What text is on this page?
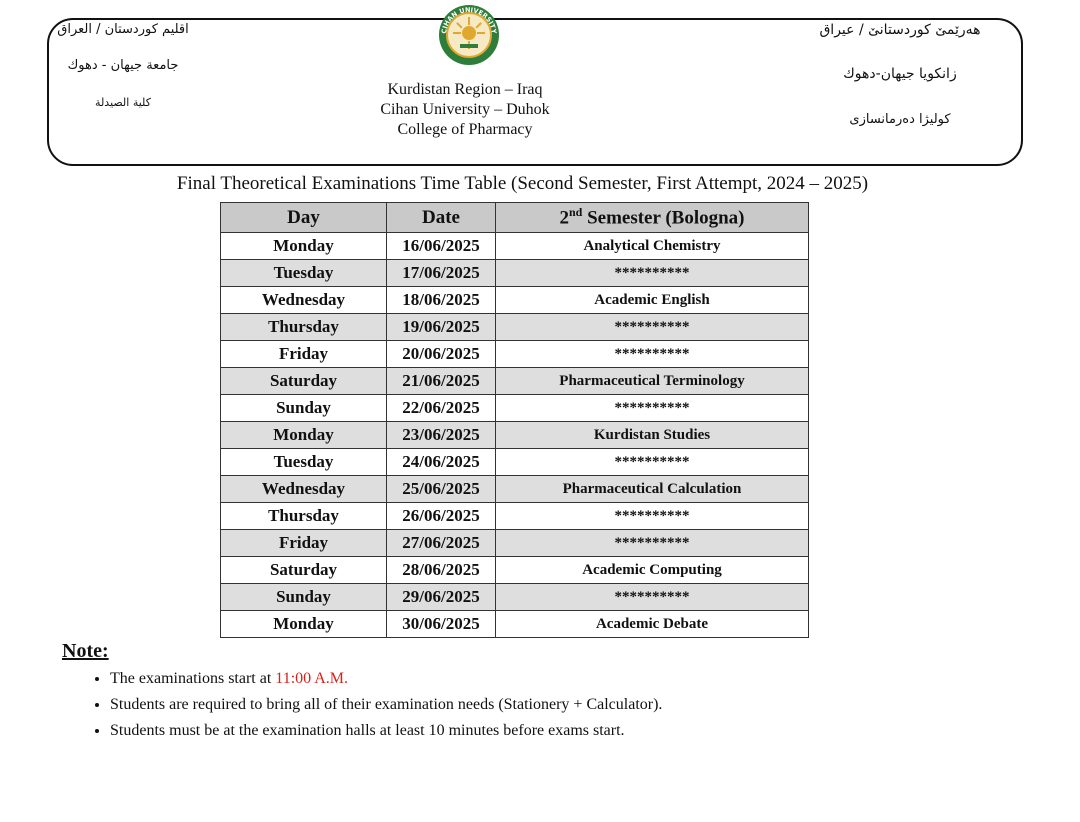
اقليم كوردستان / العراق
جامعة جيهان - دهوك
كلية الصيدلة
CIHAN UNIVERSITY
Kurdistan Region – Iraq
Cihan University – Duhok
College of Pharmacy
هەرێمێ کوردستانێ / عیراق
زانكويا جيهان-دهوك
كوليژا دەرمانسازى
Final Theoretical Examinations Time Table (Second Semester, First Attempt, 2024 – 2025)
Day	Date	2nd Semester (Bologna)
Monday	16/06/2025	Analytical Chemistry
Tuesday	17/06/2025	**********
Wednesday	18/06/2025	Academic English
Thursday	19/06/2025	**********
Friday	20/06/2025	**********
Saturday	21/06/2025	Pharmaceutical Terminology
Sunday	22/06/2025	**********
Monday	23/06/2025	Kurdistan Studies
Tuesday	24/06/2025	**********
Wednesday	25/06/2025	Pharmaceutical Calculation
Thursday	26/06/2025	**********
Friday	27/06/2025	**********
Saturday	28/06/2025	Academic Computing
Sunday	29/06/2025	**********
Monday	30/06/2025	Academic Debate
Note:
• The examinations start at 11:00 A.M.
• Students are required to bring all of their examination needs (Stationery + Calculator).
• Students must be at the examination halls at least 10 minutes before exams start.
